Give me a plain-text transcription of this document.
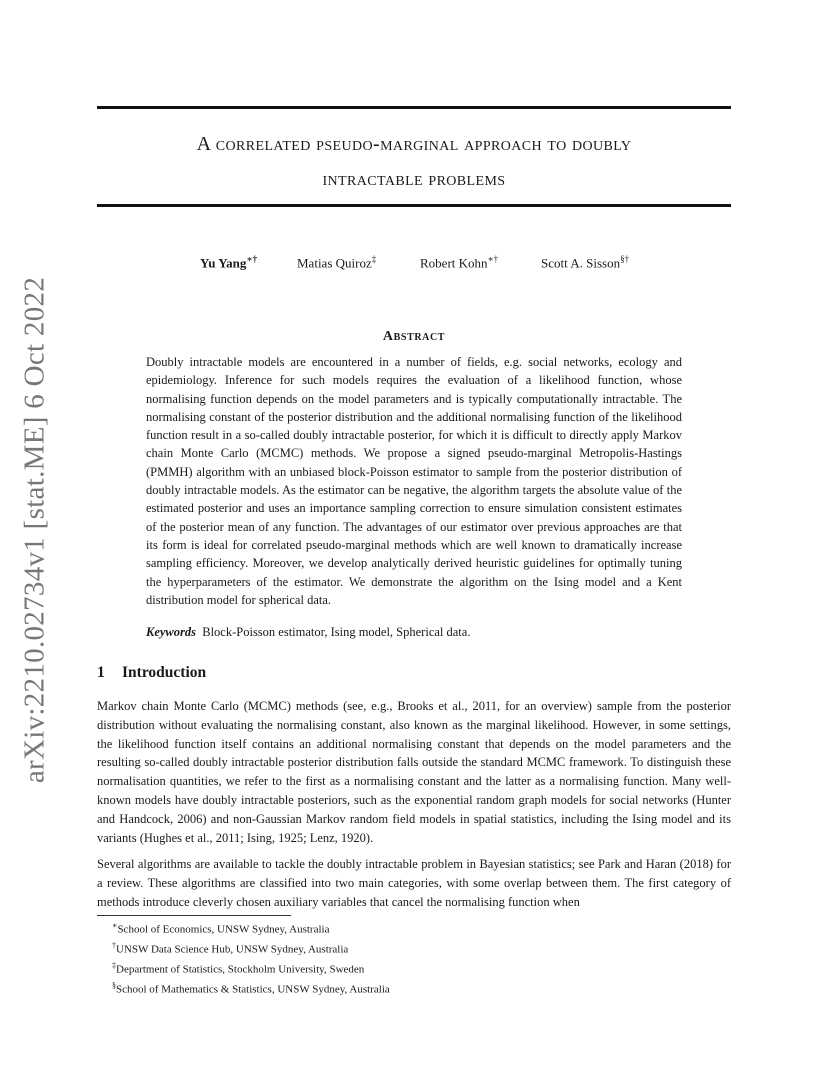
arXiv:2210.02734v1 [stat.ME] 6 Oct 2022
A correlated pseudo-marginal approach to doubly
intractable problems
Yu Yang∗†	Matias Quiroz‡	Robert Kohn∗†	Scott A. Sisson§†
Abstract

Doubly intractable models are encountered in a number of fields, e.g. social networks, ecology and epidemiology. Inference for such models requires the evaluation of a likelihood function, whose normalising function depends on the model parameters and is typically computationally intractable. The normalising constant of the posterior distribution and the additional normalising function of the likelihood function result in a so-called doubly intractable posterior, for which it is difficult to directly apply Markov chain Monte Carlo (MCMC) methods. We propose a signed pseudo-marginal Metropolis-Hastings (PMMH) algorithm with an unbiased block-Poisson estimator to sample from the posterior distribution of doubly intractable models. As the estimator can be negative, the algorithm targets the absolute value of the estimated posterior and uses an importance sampling correction to ensure simulation consistent estimates of the posterior mean of any function. The advantages of our estimator over previous approaches are that its form is ideal for correlated pseudo-marginal methods which are well known to dramatically increase sampling efficiency. Moreover, we develop analytically derived heuristic guidelines for optimally tuning the hyperparameters of the estimator. We demonstrate the algorithm on the Ising model and a Kent distribution model for spherical data.

Keywords Block-Poisson estimator, Ising model, Spherical data.
1 Introduction

Markov chain Monte Carlo (MCMC) methods (see, e.g., Brooks et al., 2011, for an overview) sample from the posterior distribution without evaluating the normalising constant, also known as the marginal likelihood. However, in some settings, the likelihood function itself contains an additional normalising constant that depends on the model parameters and the resulting so-called doubly intractable posterior distribution falls outside the standard MCMC framework. To distinguish these normalisation quantities, we refer to the first as a normalising constant and the latter as a normalising function. Many well-known models have doubly intractable posteriors, such as the exponential random graph models for social networks (Hunter and Handcock, 2006) and non-Gaussian Markov random field models in spatial statistics, including the Ising model and its variants (Hughes et al., 2011; Ising, 1925; Lenz, 1920).

Several algorithms are available to tackle the doubly intractable problem in Bayesian statistics; see Park and Haran (2018) for a review. These algorithms are classified into two main categories, with some overlap between them. The first category of methods introduce cleverly chosen auxiliary variables that cancel the normalising function when

∗School of Economics, UNSW Sydney, Australia
†UNSW Data Science Hub, UNSW Sydney, Australia
‡Department of Statistics, Stockholm University, Sweden
§School of Mathematics & Statistics, UNSW Sydney, Australia
